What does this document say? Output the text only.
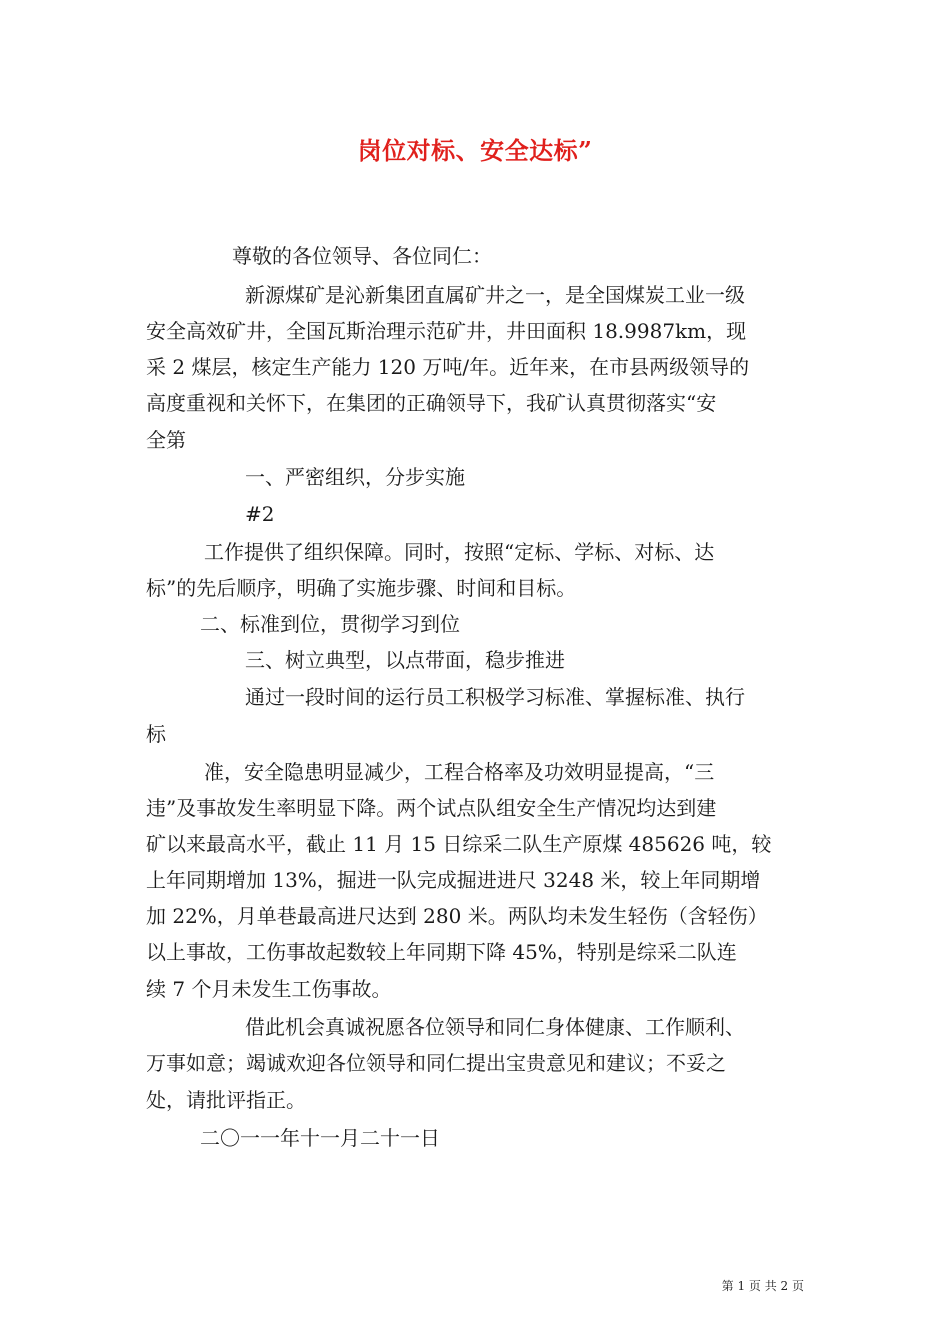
岗位对标、安全达标”
尊敬的各位领导、各位同仁：
新源煤矿是沁新集团直属矿井之一，是全国煤炭工业一级
安全高效矿井，全国瓦斯治理示范矿井，井田面积 18.9987km，现
采 2 煤层，核定生产能力 120 万吨/年。近年来，在市县两级领导的
高度重视和关怀下，在集团的正确领导下，我矿认真贯彻落实“安
全第
一、严密组织，分步实施
#2
工作提供了组织保障。同时，按照“定标、学标、对标、达
标”的先后顺序，明确了实施步骤、时间和目标。
二、标准到位，贯彻学习到位
三、树立典型，以点带面，稳步推进
通过一段时间的运行员工积极学习标准、掌握标准、执行
标
准，安全隐患明显减少，工程合格率及功效明显提高，“三
违”及事故发生率明显下降。两个试点队组安全生产情况均达到建
矿以来最高水平，截止 11 月 15 日综采二队生产原煤 485626 吨，较
上年同期增加 13%，掘进一队完成掘进进尺 3248 米，较上年同期增
加 22%，月单巷最高进尺达到 280 米。两队均未发生轻伤（含轻伤）
以上事故，工伤事故起数较上年同期下降 45%，特别是综采二队连
续 7 个月未发生工伤事故。
借此机会真诚祝愿各位领导和同仁身体健康、工作顺利、
万事如意；竭诚欢迎各位领导和同仁提出宝贵意见和建议；不妥之
处，请批评指正。
二〇一一年十一月二十一日
第 1 页 共 2 页
